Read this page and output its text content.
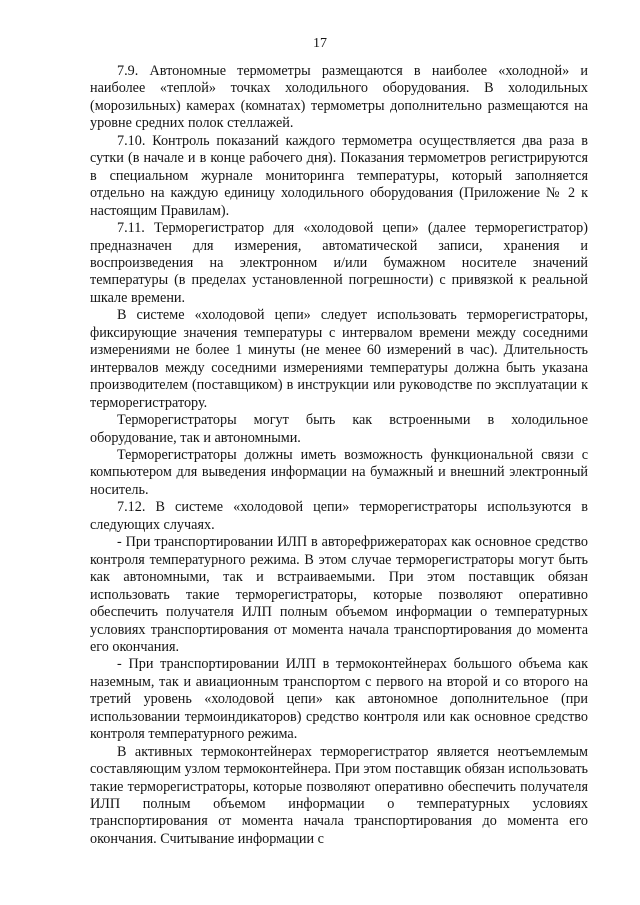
17

7.9. Автономные термометры размещаются в наиболее «холодной» и наиболее «теплой» точках холодильного оборудования. В холодильных (морозильных) камерах (комнатах) термометры дополнительно размещаются на уровне средних полок стеллажей.

7.10. Контроль показаний каждого термометра осуществляется два раза в сутки (в начале и в конце рабочего дня). Показания термометров регистрируются в специальном журнале мониторинга температуры, который заполняется отдельно на каждую единицу холодильного оборудования (Приложение № 2 к настоящим Правилам).

7.11. Терморегистратор для «холодовой цепи» (далее терморегистратор) предназначен для измерения, автоматической записи, хранения и воспроизведения на электронном и/или бумажном носителе значений температуры (в пределах установленной погрешности) с привязкой к реальной шкале времени.

В системе «холодовой цепи» следует использовать терморегистраторы, фиксирующие значения температуры с интервалом времени между соседними измерениями не более 1 минуты (не менее 60 измерений в час). Длительность интервалов между соседними измерениями температуры должна быть указана производителем (поставщиком) в инструкции или руководстве по эксплуатации к терморегистратору.

Терморегистраторы могут быть как встроенными в холодильное оборудование, так и автономными.

Терморегистраторы должны иметь возможность функциональной связи с компьютером для выведения информации на бумажный и внешний электронный носитель.

7.12. В системе «холодовой цепи» терморегистраторы используются в следующих случаях.

- При транспортировании ИЛП в авторефрижераторах как основное средство контроля температурного режима. В этом случае терморегистраторы могут быть как автономными, так и встраиваемыми. При этом поставщик обязан использовать такие терморегистраторы, которые позволяют оперативно обеспечить получателя ИЛП полным объемом информации о температурных условиях транспортирования от момента начала транспортирования до момента его окончания.

- При транспортировании ИЛП в термоконтейнерах большого объема как наземным, так и авиационным транспортом с первого на второй и со второго на третий уровень «холодовой цепи» как автономное дополнительное (при использовании термоиндикаторов) средство контроля или как основное средство контроля температурного режима.

В активных термоконтейнерах терморегистратор является неотъемлемым составляющим узлом термоконтейнера. При этом поставщик обязан использовать такие терморегистраторы, которые позволяют оперативно обеспечить получателя ИЛП полным объемом информации о температурных условиях транспортирования от момента начала транспортирования до момента его окончания. Считывание информации с
